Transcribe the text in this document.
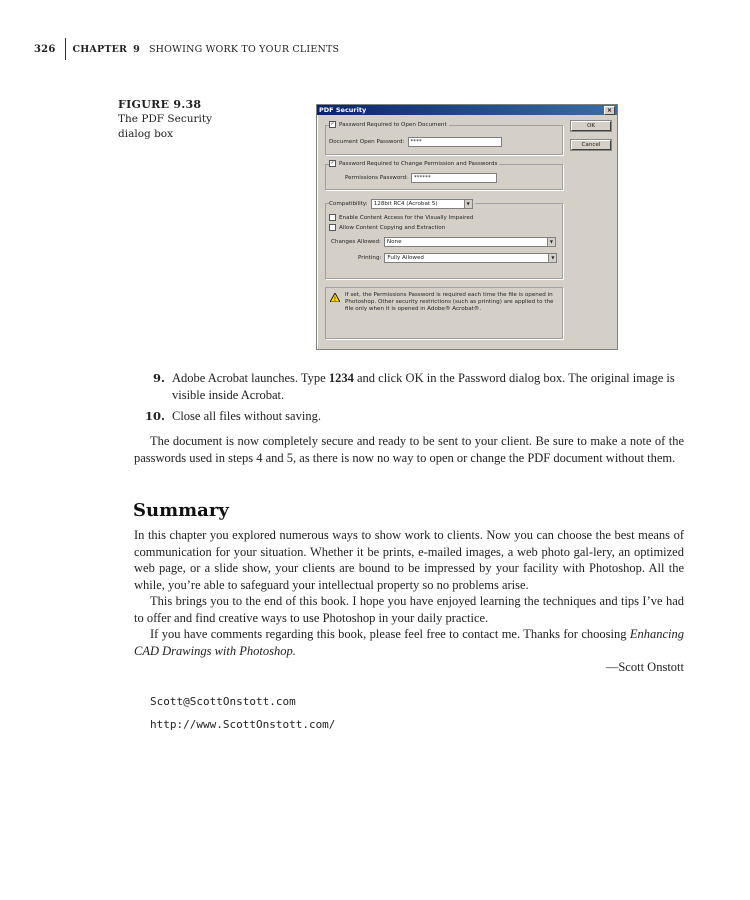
326 CHAPTER 9 SHOWING WORK TO YOUR CLIENTS
FIGURE 9.38
The PDF Security dialog box
PDF Security	×
✓ Password Required to Open Document
Document Open Password:	****
✓ Password Required to Change Permission and Passwords
Permissions Password:	******
Compatibility: 128bit RC4 (Acrobat 5)	▼
Enable Content Access for the Visually Impaired
Allow Content Copying and Extraction
Changes Allowed: None	▼
Printing: Fully Allowed	▼
!
If set, the Permissions Password is required each time the file is opened in Photoshop. Other security restrictions (such as printing) are applied to the file only when it is opened in Adobe® Acrobat®.
OK
Cancel
9. Adobe Acrobat launches. Type 1234 and click OK in the Password dialog box. The original image is visible inside Acrobat.
10. Close all files without saving.
The document is now completely secure and ready to be sent to your client. Be sure to make a note of the passwords used in steps 4 and 5, as there is now no way to open or change the PDF document without them.
Summary

In this chapter you explored numerous ways to show work to clients. Now you can choose the best means of communication for your situation. Whether it be prints, e-mailed images, a web photo gal-lery, an optimized web page, or a slide show, your clients are bound to be impressed by your facility with Photoshop. All the while, you’re able to safeguard your intellectual property so no problems arise.

This brings you to the end of this book. I hope you have enjoyed learning the techniques and tips I’ve had to offer and find creative ways to use Photoshop in your daily practice.

If you have comments regarding this book, please feel free to contact me. Thanks for choosing Enhancing CAD Drawings with Photoshop.

—Scott Onstott

Scott@ScottOnstott.com
http://www.ScottOnstott.com/
